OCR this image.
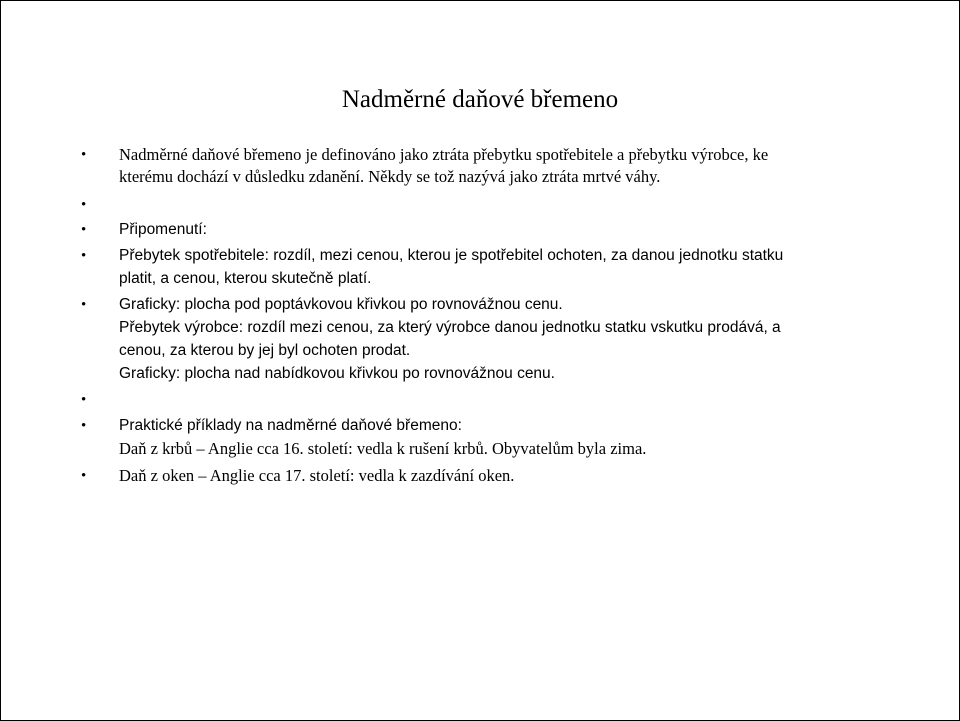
Nadměrné daňové břemeno
•
•
•
•
•
•
•
•
Nadměrné daňové břemeno je definováno jako ztráta přebytku spotřebitele a přebytku výrobce, ke
kterému dochází v důsledku zdanění. Někdy se tož nazývá jako ztráta mrtvé váhy.
Připomenutí:
Přebytek spotřebitele: rozdíl, mezi cenou, kterou je spotřebitel ochoten, za danou jednotku statku
platit, a cenou, kterou skutečně platí.
Graficky: plocha pod poptávkovou křivkou po rovnovážnou cenu.
Přebytek výrobce: rozdíl mezi cenou, za který výrobce danou jednotku statku vskutku prodává, a
cenou, za kterou by jej byl ochoten prodat.
Graficky: plocha nad nabídkovou křivkou po rovnovážnou cenu.
Praktické příklady na nadměrné daňové břemeno:
Daň z krbů – Anglie cca 16. století: vedla k rušení krbů. Obyvatelům byla zima.
Daň z oken – Anglie cca 17. století: vedla k zazdívání oken.
